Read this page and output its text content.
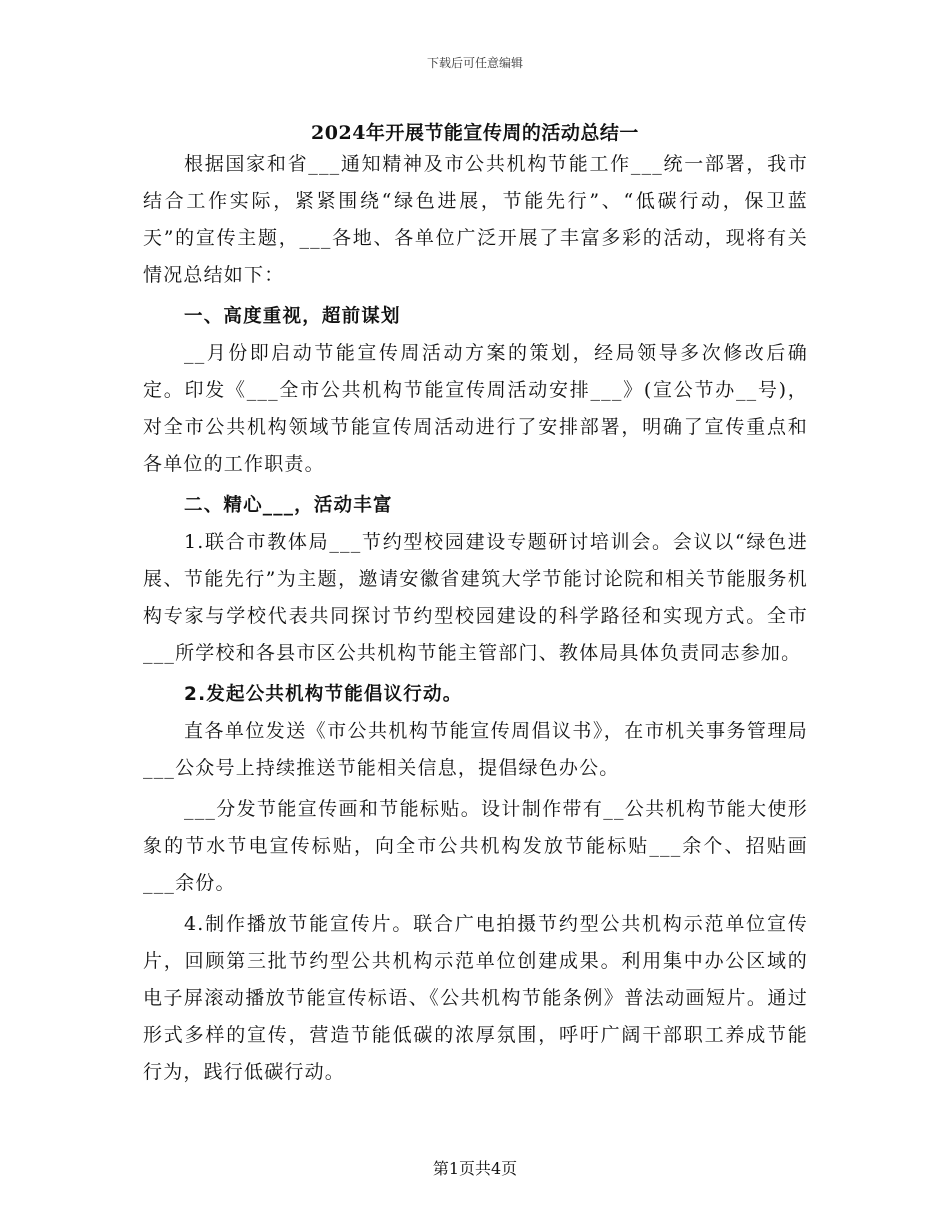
下载后可任意编辑
2024年开展节能宣传周的活动总结一

根据国家和省___通知精神及市公共机构节能工作___统一部署，我市结合工作实际，紧紧围绕“绿色进展，节能先行”、“低碳行动，保卫蓝天”的宣传主题，___各地、各单位广泛开展了丰富多彩的活动，现将有关情况总结如下：

一、高度重视，超前谋划

__月份即启动节能宣传周活动方案的策划，经局领导多次修改后确定。印发《___全市公共机构节能宣传周活动安排___》(宣公节办__号)，对全市公共机构领域节能宣传周活动进行了安排部署，明确了宣传重点和各单位的工作职责。

二、精心___，活动丰富

1.联合市教体局___节约型校园建设专题研讨培训会。会议以“绿色进展、节能先行”为主题，邀请安徽省建筑大学节能讨论院和相关节能服务机构专家与学校代表共同探讨节约型校园建设的科学路径和实现方式。全市___所学校和各县市区公共机构节能主管部门、教体局具体负责同志参加。

2.发起公共机构节能倡议行动。

直各单位发送《市公共机构节能宣传周倡议书》，在市机关事务管理局___公众号上持续推送节能相关信息，提倡绿色办公。

___分发节能宣传画和节能标贴。设计制作带有__公共机构节能大使形象的节水节电宣传标贴，向全市公共机构发放节能标贴___余个、招贴画___余份。

4.制作播放节能宣传片。联合广电拍摄节约型公共机构示范单位宣传片，回顾第三批节约型公共机构示范单位创建成果。利用集中办公区域的电子屏滚动播放节能宣传标语、《公共机构节能条例》普法动画短片。通过形式多样的宣传，营造节能低碳的浓厚氛围，呼吁广阔干部职工养成节能行为，践行低碳行动。

第1页共4页
